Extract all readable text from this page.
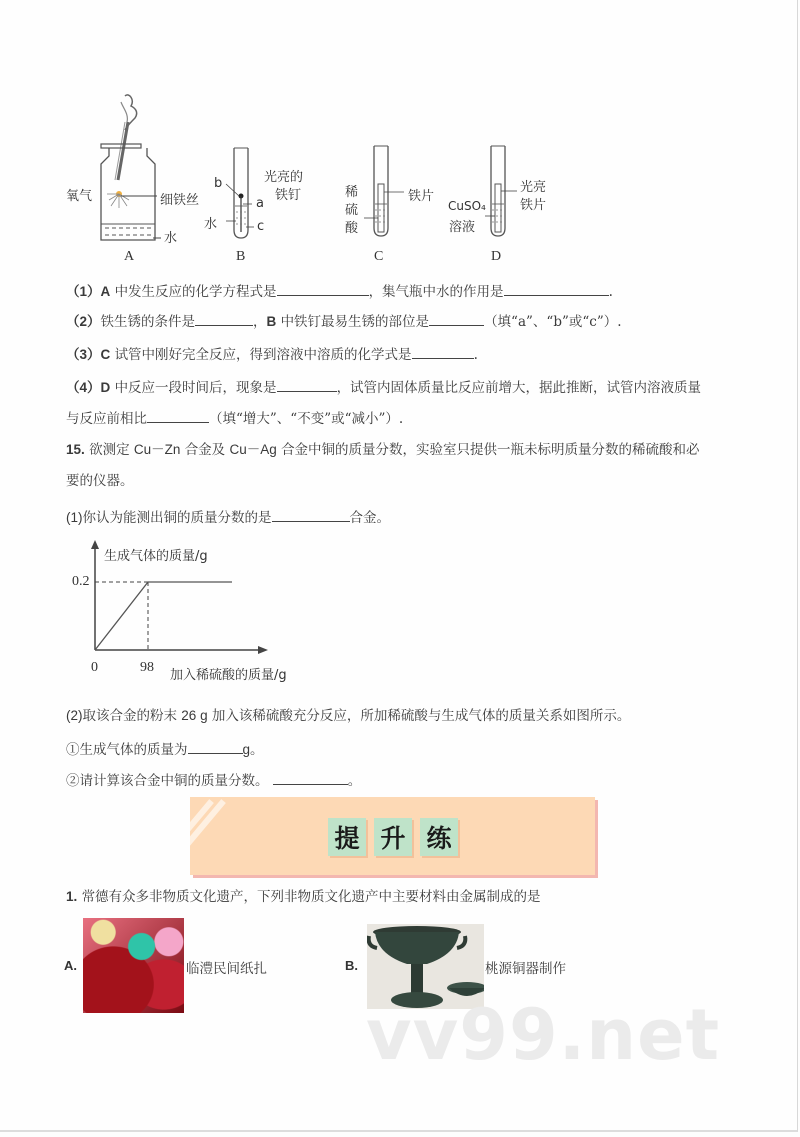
氧气	细铁丝
水
A
光亮的
铁钉
b
a
水	c
B
稀
硫
酸
铁片
C
CuSO₄
溶液
光亮
铁片
D
（1）A 中发生反应的化学方程式是	，集气瓶中水的作用是	.
（2）铁生锈的条件是	，B 中铁钉最易生锈的部位是	（填“a”、“b”或“c”）.
（3）C 试管中刚好完全反应，得到溶液中溶质的化学式是	.
（4）D 中反应一段时间后，现象是	，试管内固体质量比反应前增大，据此推断，试管内溶液质量
与反应前相比	（填“增大”、“不变”或“减小”）.
15. 欲测定 Cu－Zn 合金及 Cu－Ag 合金中铜的质量分数，实验室只提供一瓶未标明质量分数的稀硫酸和必
要的仪器。
(1)你认为能测出铜的质量分数的是	合金。
生成气体的质量/g
0.2
0	98
加入稀硫酸的质量/g
(2)取该合金的粉末 26 g 加入该稀硫酸充分反应，所加稀硫酸与生成气体的质量关系如图所示。
①生成气体的质量为	g。
②请计算该合金中铜的质量分数。	。
提 升 练
1. 常德有众多非物质文化遗产，下列非物质文化遗产中主要材料由金属制成的是
A.	临澧民间纸扎	B.	桃源铜器制作
vv99.net
